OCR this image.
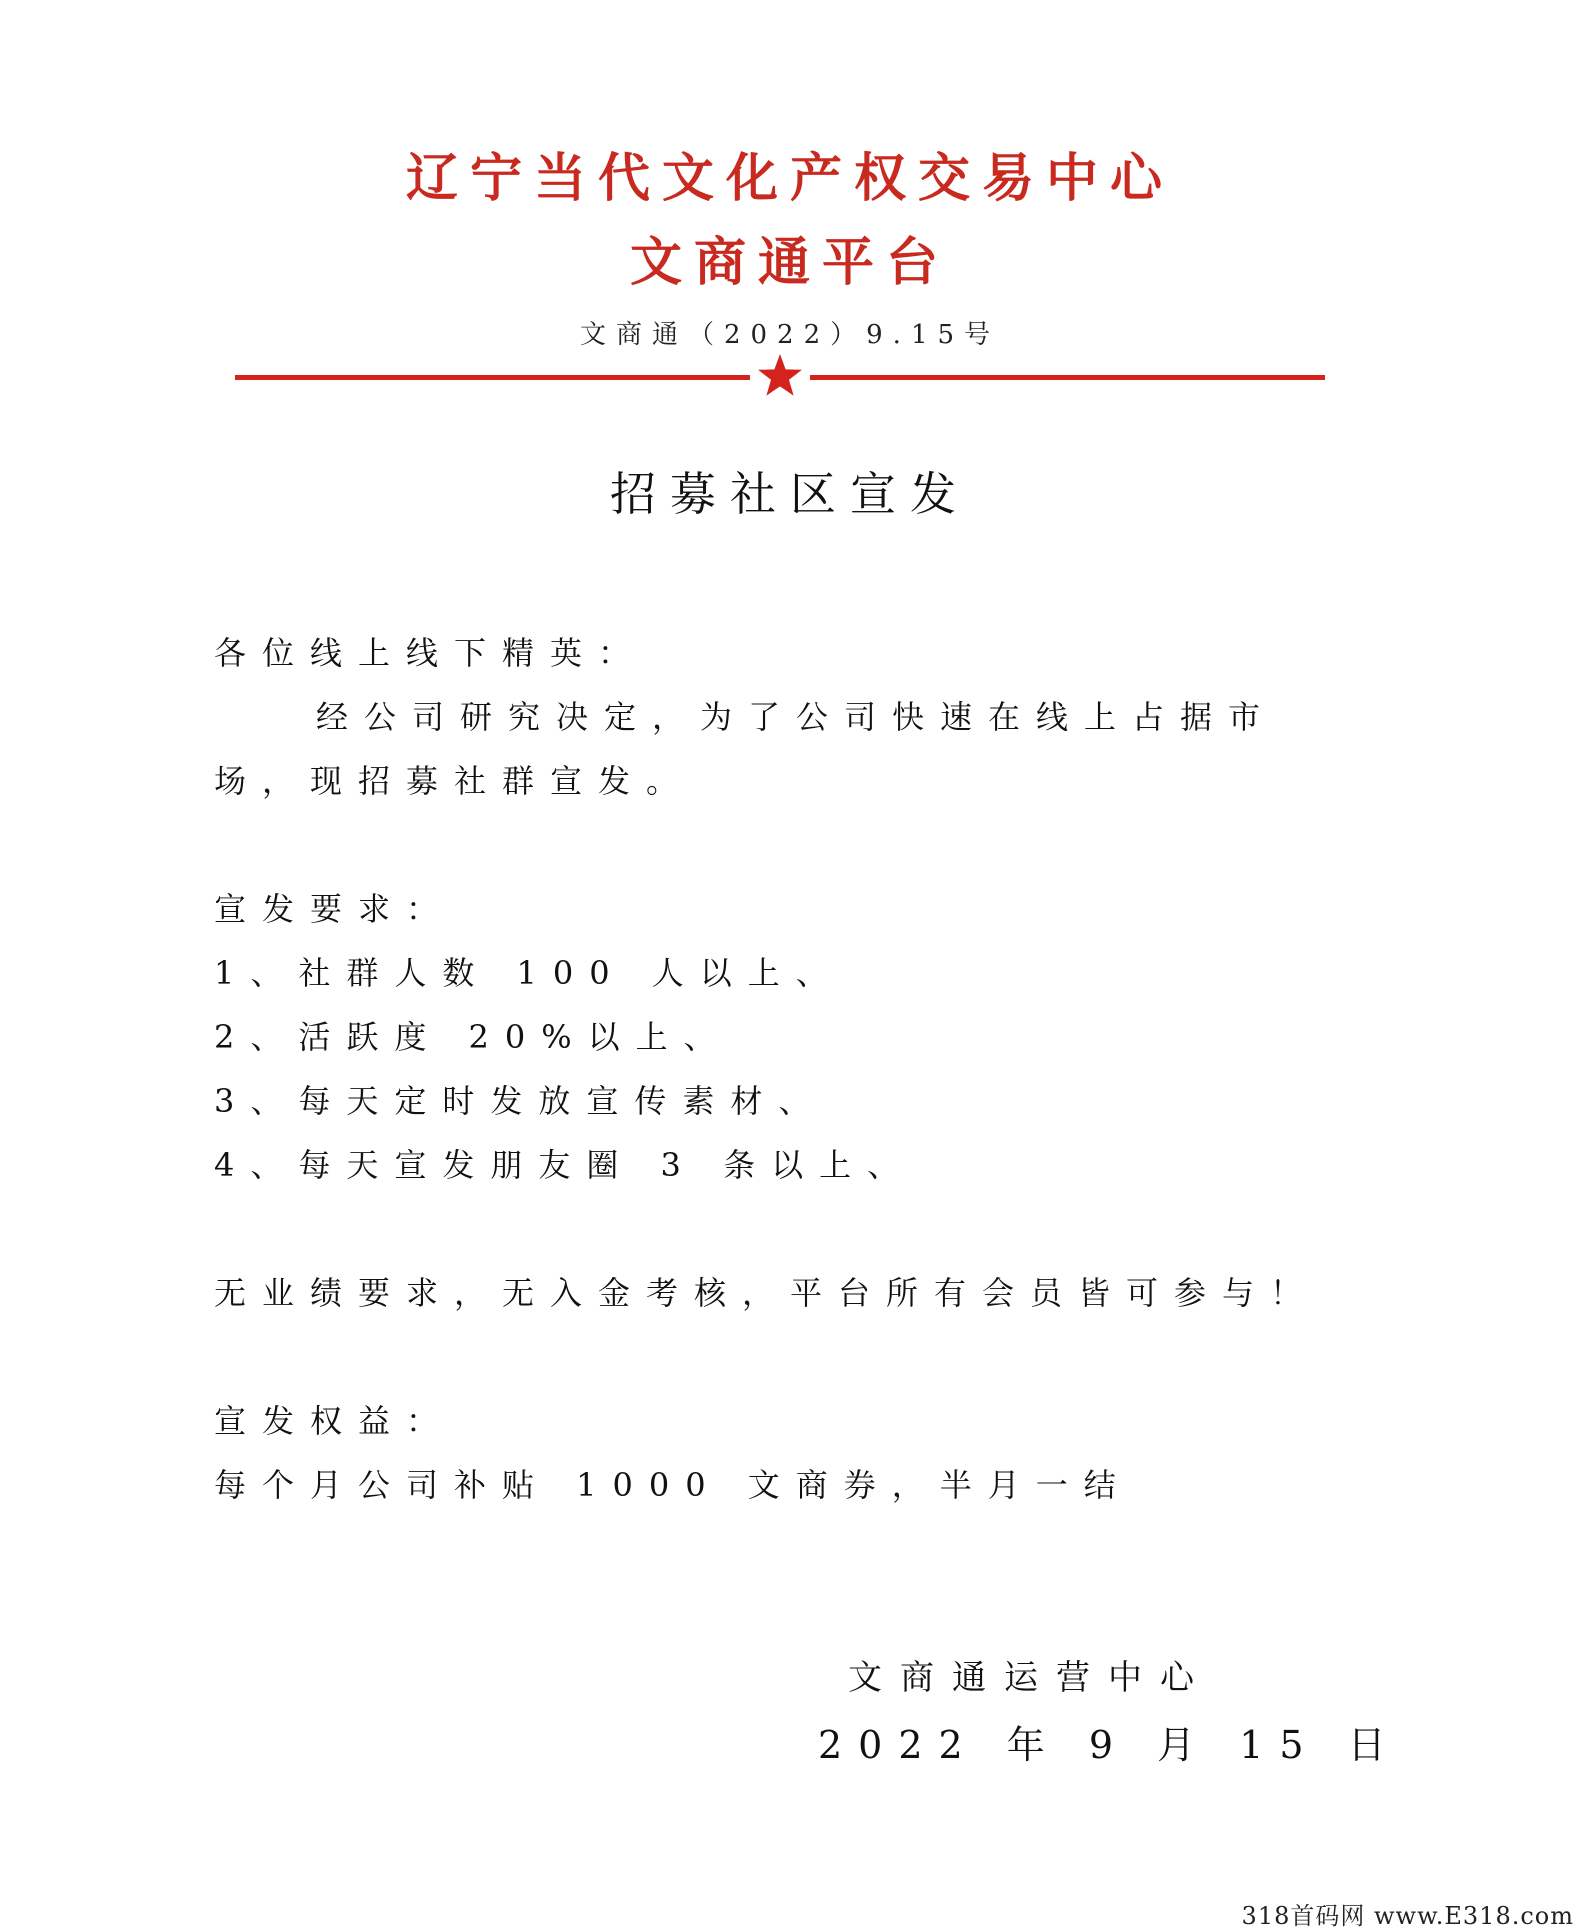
辽宁当代文化产权交易中心
文商通平台
文商通（2022）9.15号
招募社区宣发
各位线上线下精英：
经公司研究决定，为了公司快速在线上占据市
场，现招募社群宣发。
宣发要求：
1、社群人数 100 人以上、
2、活跃度 20%以上、
3、每天定时发放宣传素材、
4、每天宣发朋友圈 3 条以上、
无业绩要求，无入金考核，平台所有会员皆可参与！
宣发权益：
每个月公司补贴 1000 文商券，半月一结
文商通运营中心
2022 年 9 月 15 日
318首码网 www.E318.com
